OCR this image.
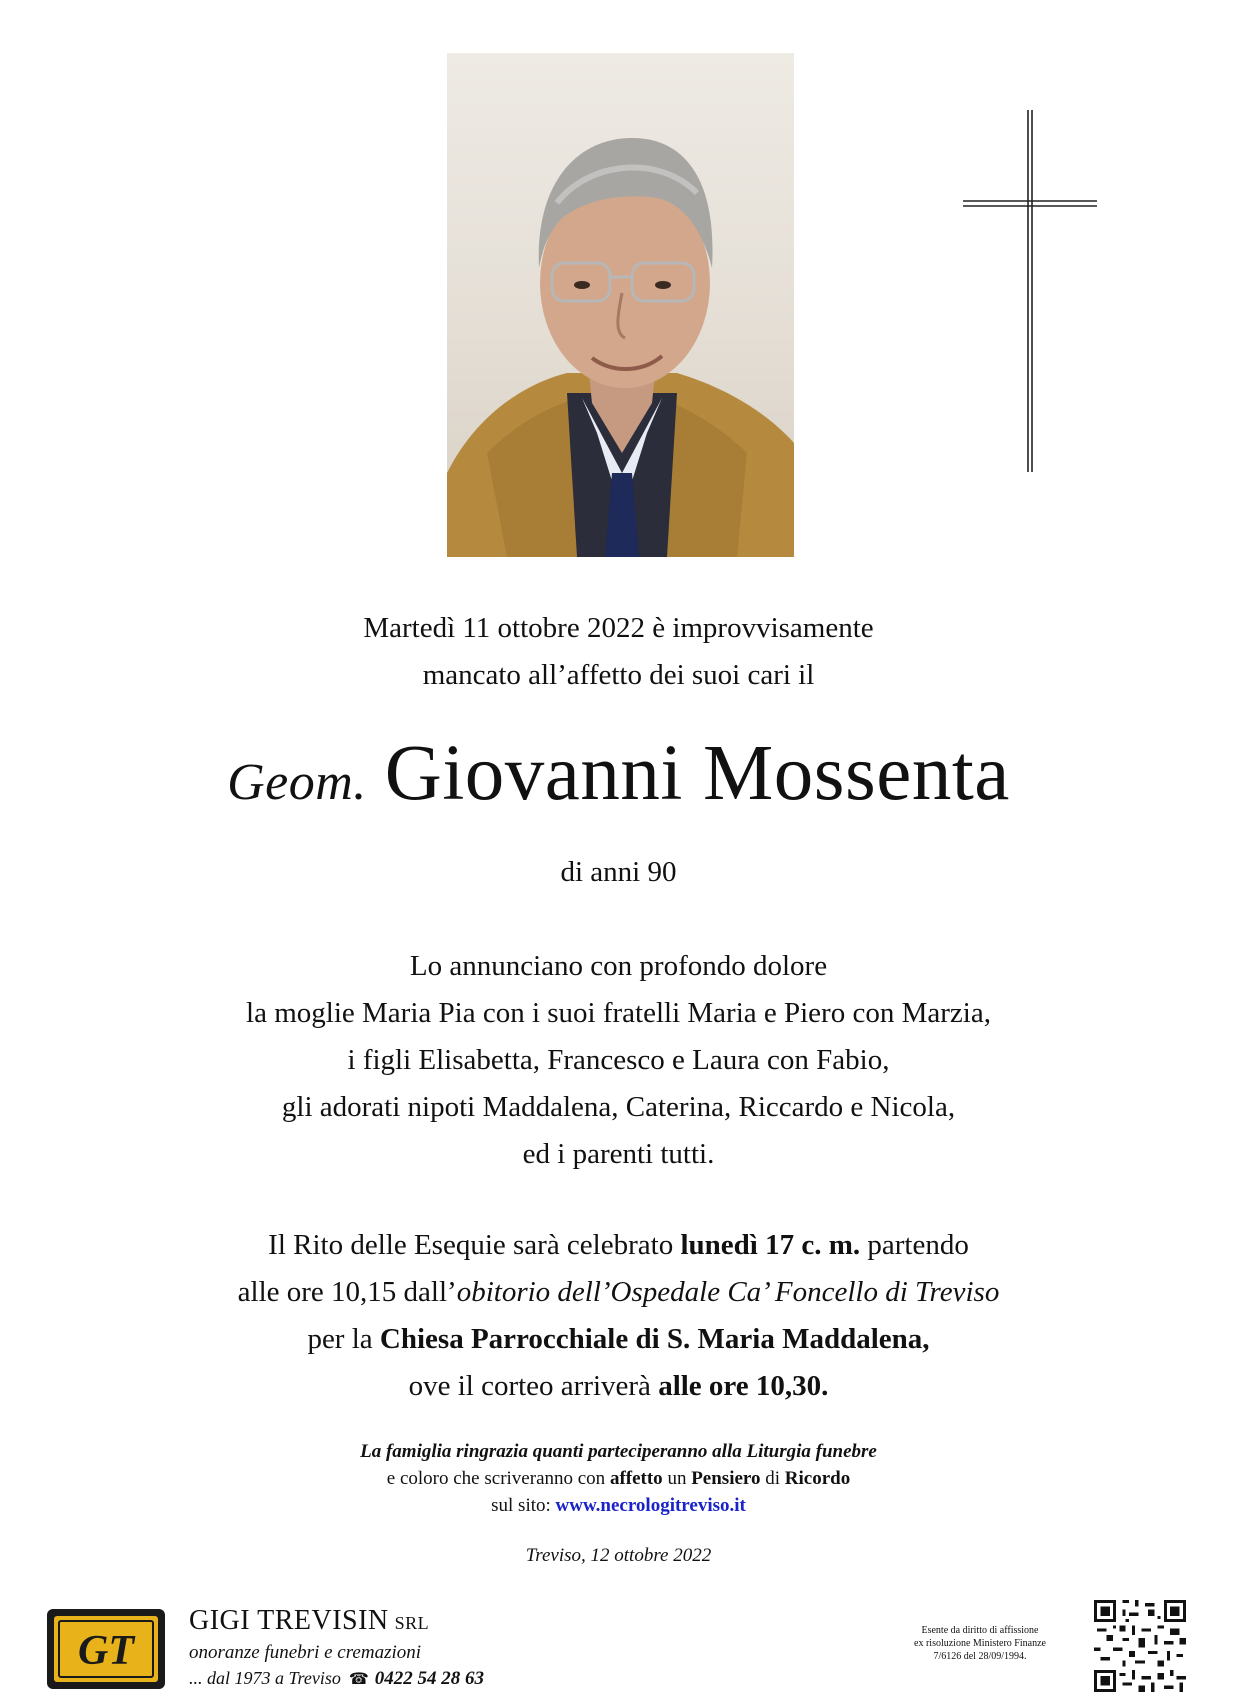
Martedì 11 ottobre 2022 è improvvisamente
mancato all’affetto dei suoi cari il
Geom. Giovanni Mossenta
di anni 90
Lo annunciano con profondo dolore
la moglie Maria Pia con i suoi fratelli Maria e Piero con Marzia,
i figli Elisabetta, Francesco e Laura con Fabio,
gli adorati nipoti Maddalena, Caterina, Riccardo e Nicola,
ed i parenti tutti.
Il Rito delle Esequie sarà celebrato lunedì 17 c. m. partendo
alle ore 10,15 dall’obitorio dell’Ospedale Ca’ Foncello di Treviso
per la Chiesa Parrocchiale di S. Maria Maddalena,
ove il corteo arriverà alle ore 10,30.
La famiglia ringrazia quanti parteciperanno alla Liturgia funebre
e coloro che scriveranno con affetto un Pensiero di Ricordo
sul sito: www.necrologitreviso.it
Treviso, 12 ottobre 2022
GT
GIGI TREVISIN SRL
onoranze funebri e cremazioni
... dal 1973 a Treviso ☎ 0422 54 28 63
Esente da diritto di affissione
ex risoluzione Ministero Finanze
7/6126 del 28/09/1994.
